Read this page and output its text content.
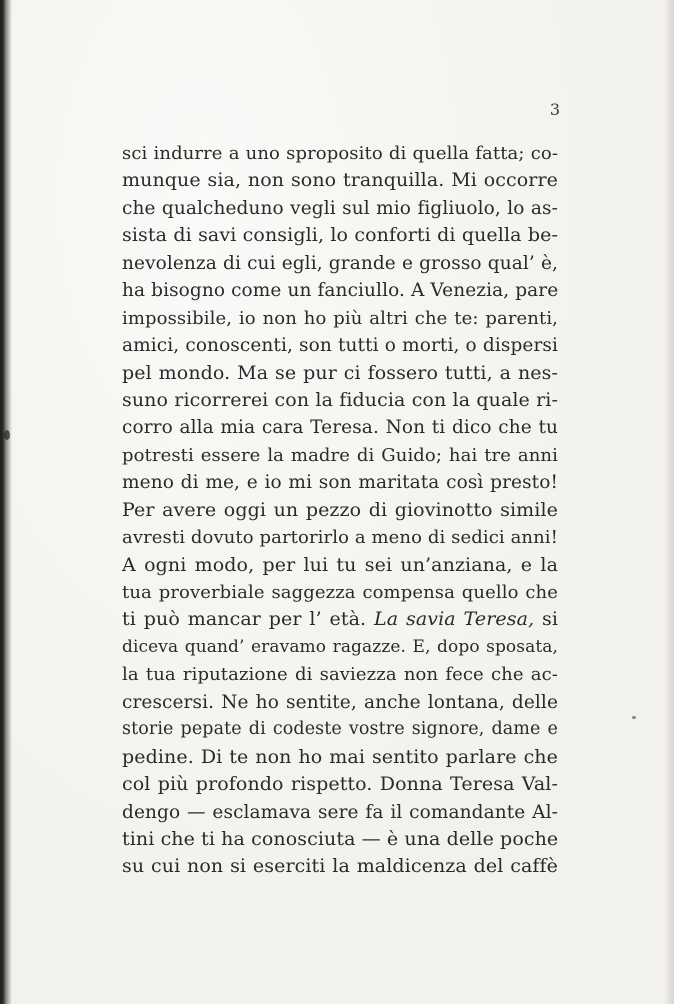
3
sci indurre a uno sproposito di quella fatta; co-
munque sia, non sono tranquilla. Mi occorre
che qualcheduno vegli sul mio figliuolo, lo as-
sista di savi consigli, lo conforti di quella be-
nevolenza di cui egli, grande e grosso qual’ è,
ha bisogno come un fanciullo. A Venezia, pare
impossibile, io non ho più altri che te: parenti,
amici, conoscenti, son tutti o morti, o dispersi
pel mondo. Ma se pur ci fossero tutti, a nes-
suno ricorrerei con la fiducia con la quale ri-
corro alla mia cara Teresa. Non ti dico che tu
potresti essere la madre di Guido; hai tre anni
meno di me, e io mi son maritata così presto!
Per avere oggi un pezzo di giovinotto simile
avresti dovuto partorirlo a meno di sedici anni!
A ogni modo, per lui tu sei un’anziana, e la
tua proverbiale saggezza compensa quello che
ti può mancar per l’ età. La savia Teresa, si
diceva quand’ eravamo ragazze. E, dopo sposata,
la tua riputazione di saviezza non fece che ac-
crescersi. Ne ho sentite, anche lontana, delle
storie pepate di codeste vostre signore, dame e
pedine. Di te non ho mai sentito parlare che
col più profondo rispetto. Donna Teresa Val-
dengo — esclamava sere fa il comandante Al-
tini che ti ha conosciuta — è una delle poche
su cui non si eserciti la maldicenza del caffè
